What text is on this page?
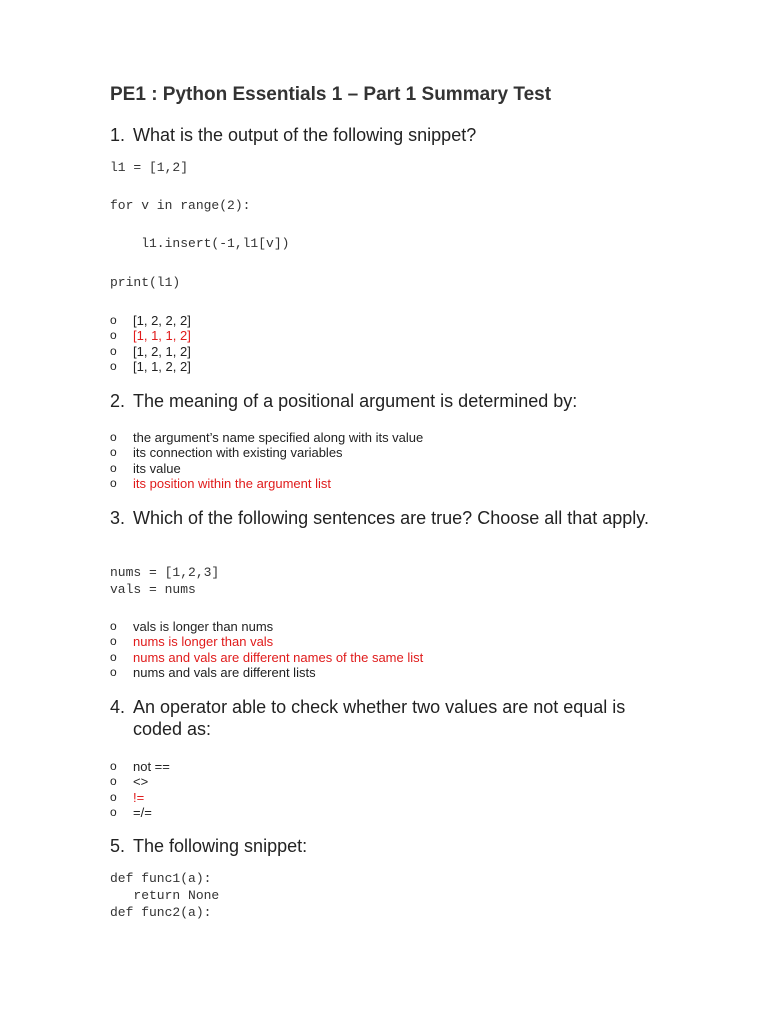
PE1 : Python Essentials 1 – Part 1 Summary Test
1. What is the output of the following snippet?
l1 = [1,2]
for v in range(2):
l1.insert(-1,l1[v])
print(l1)
o [1, 2, 2, 2]
o [1, 1, 1, 2]
o [1, 2, 1, 2]
o [1, 1, 2, 2]
2. The meaning of a positional argument is determined by:
o the argument’s name specified along with its value
o its connection with existing variables
o its value
o its position within the argument list
3. Which of the following sentences are true? Choose all that apply.
nums = [1,2,3]
vals = nums
o vals is longer than nums
o nums is longer than vals
o nums and vals are different names of the same list
o nums and vals are different lists
4. An operator able to check whether two values are not equal is coded as:
o not ==
o <>
o !=
o =/=
5. The following snippet:
def func1(a):
return None
def func2(a):
